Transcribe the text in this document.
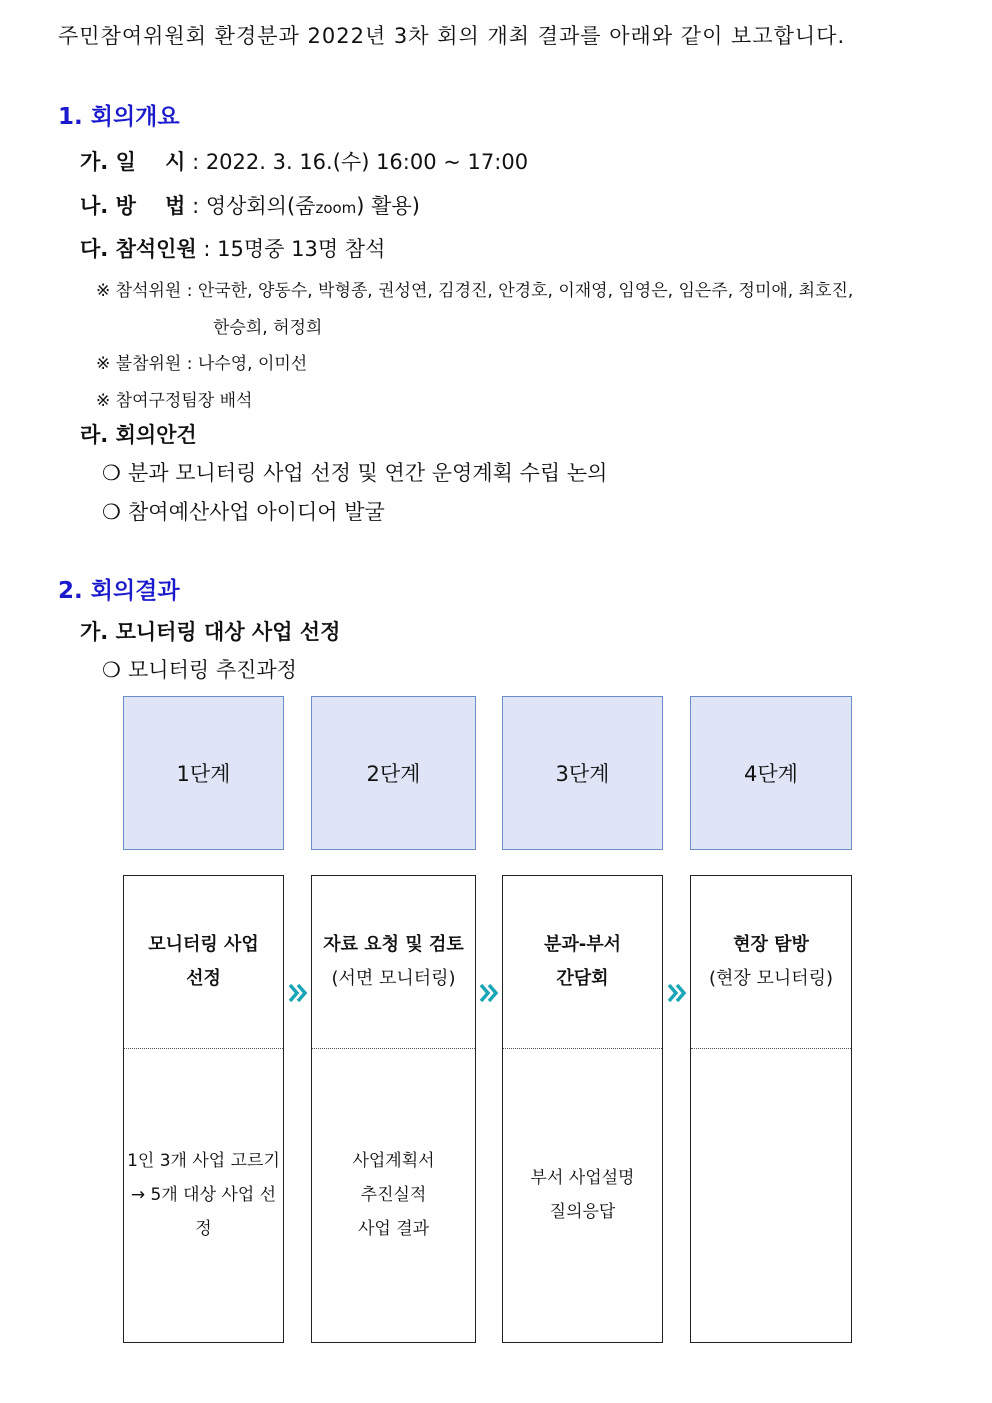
주민참여위원회 환경분과 2022년 3차 회의 개최 결과를 아래와 같이 보고합니다.
1. 회의개요
가. 일    시 : 2022. 3. 16.(수) 16:00 ~ 17:00
나. 방    법 : 영상회의(줌zoom) 활용)
다. 참석인원 : 15명중 13명 참석
※ 참석위원 : 안국한, 양동수, 박형종, 권성연, 김경진, 안경호, 이재영, 임영은, 임은주, 정미애, 최호진,
한승희, 허정희
※ 불참위원 : 나수영, 이미선
※ 참여구정팀장 배석
라. 회의안건
❍ 분과 모니터링 사업 선정 및 연간 운영계획 수립 논의
❍ 참여예산사업 아이디어 발굴
2. 회의결과
가. 모니터링 대상 사업 선정
❍ 모니터링 추진과정
1단계	2단계	3단계	4단계
모니터링 사업
선정
1인 3개 사업 고르기
→ 5개 대상 사업 선
정
자료 요청 및 검토
(서면 모니터링)
사업계획서
추진실적
사업 결과
분과-부서
간담회
부서 사업설명
질의응답
현장 탐방
(현장 모니터링)
